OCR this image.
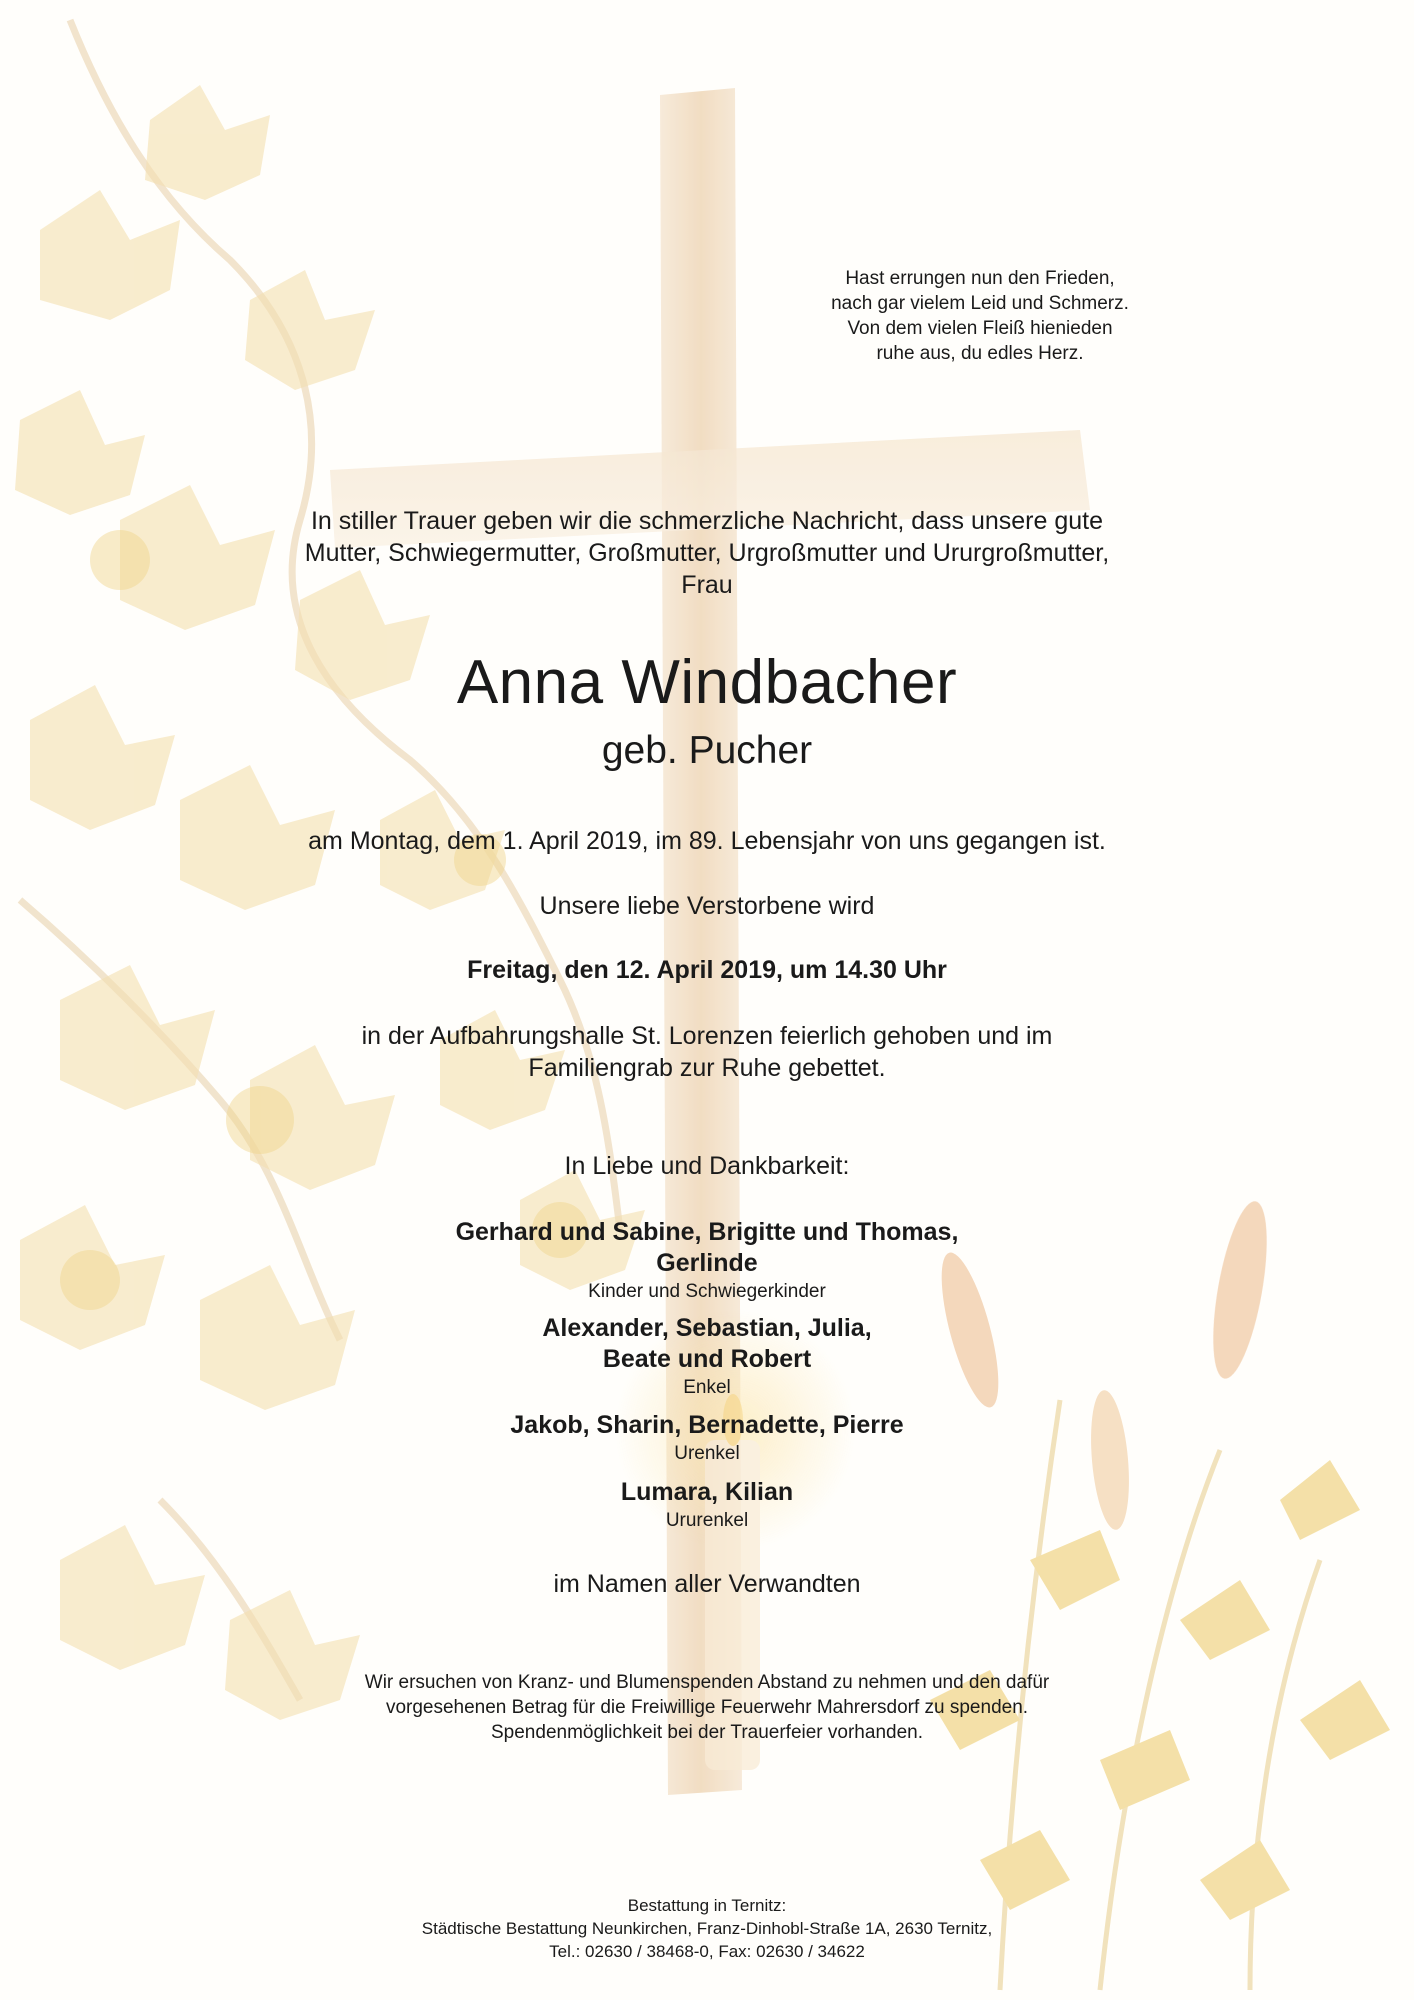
Hast errungen nun den Frieden,
nach gar vielem Leid und Schmerz.
Von dem vielen Fleiß hienieden
ruhe aus, du edles Herz.
In stiller Trauer geben wir die schmerzliche Nachricht, dass unsere gute
Mutter, Schwiegermutter, Großmutter, Urgroßmutter und Ururgroßmutter,
Frau
Anna Windbacher
geb. Pucher
am Montag, dem 1. April 2019, im 89. Lebensjahr von uns gegangen ist.
Unsere liebe Verstorbene wird
Freitag, den 12. April 2019, um 14.30 Uhr
in der Aufbahrungshalle St. Lorenzen feierlich gehoben und im
Familiengrab zur Ruhe gebettet.
In Liebe und Dankbarkeit:
Gerhard und Sabine, Brigitte und Thomas,
Gerlinde
Kinder und Schwiegerkinder
Alexander, Sebastian, Julia,
Beate und Robert
Enkel
Jakob, Sharin, Bernadette, Pierre
Urenkel
Lumara, Kilian
Ururenkel
im Namen aller Verwandten
Wir ersuchen von Kranz- und Blumenspenden Abstand zu nehmen und den dafür
vorgesehenen Betrag für die Freiwillige Feuerwehr Mahrersdorf zu spenden.
Spendenmöglichkeit bei der Trauerfeier vorhanden.
Bestattung in Ternitz:
Städtische Bestattung Neunkirchen, Franz-Dinhobl-Straße 1A, 2630 Ternitz,
Tel.: 02630 / 38468-0, Fax: 02630 / 34622
